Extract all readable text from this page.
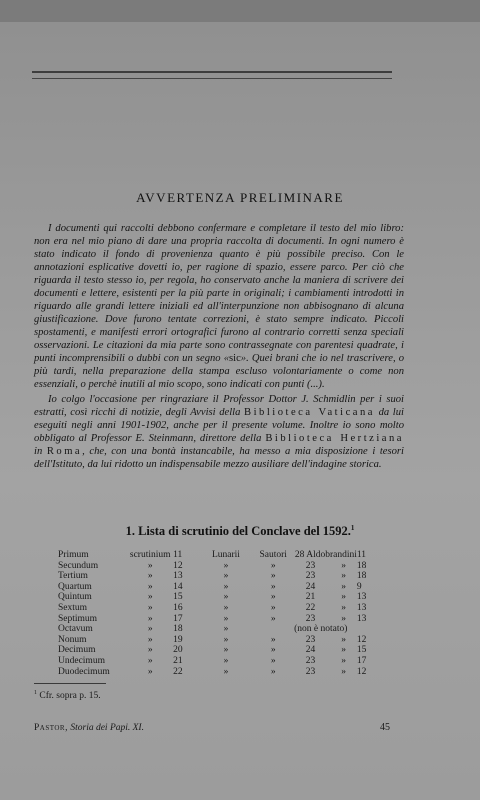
AVVERTENZA PRELIMINARE

I documenti qui raccolti debbono confermare e completare il testo del mio libro: non era nel mio piano di dare una propria raccolta di documenti. In ogni numero è stato indicato il fondo di provenienza quanto è più possibile preciso. Con le annotazioni esplicative dovetti io, per ragione di spazio, essere parco. Per ciò che riguarda il testo stesso io, per regola, ho conservato anche la maniera di scrivere dei documenti e lettere, esistenti per la più parte in originali; i cambiamenti introdotti in riguardo alle grandi lettere iniziali ed all'interpunzione non abbisognano di alcuna giustificazione. Dove furono tentate correzioni, è stato sempre indicato. Piccoli spostamenti, e manifesti errori ortografici furono al contrario corretti senza speciali osservazioni. Le citazioni da mia parte sono contrassegnate con parentesi quadrate, i punti incomprensibili o dubbi con un segno «sic». Quei brani che io nel trascrivere, o più tardi, nella preparazione della stampa escluso volontariamente o come non essenziali, o perchè inutili al mio scopo, sono indicati con punti (...).

Io colgo l'occasione per ringraziare il Professor Dottor J. Schmidlin per i suoi estratti, così ricchi di notizie, degli Avvisi della Biblioteca Vaticana da lui eseguiti negli anni 1901-1902, anche per il presente volume. Inoltre io sono molto obbligato al Professor E. Steinmann, direttore della Biblioteca Hertziana in Roma, che, con una bontà instancabile, ha messo a mia disposizione i tesori dell'Istituto, da lui ridotto un indispensabile mezzo ausiliare dell'indagine storica.

1. Lista di scrutinio del Conclave del 1592.$^1$
Primum	scrutinium	11	Lunarii	Sautori	28 Aldobrandini	11
Secundum	»	12	»	»	23 »	18
Tertium	»	13	»	»	23 »	18
Quartum	»	14	»	»	24 »	9
Quintum	»	15	»	»	21 »	13
Sextum	»	16	»	»	22 »	13
Septimum	»	17	»	»	23 »	13
Octavum	»	18	»	(non è notato)		
Nonum	»	19	»	»	23 »	12
Decimum	»	20	»	»	24 »	15
Undecimum	»	21	»	»	23 »	17
Duodecimum	»	22	»	»	23 »	12
$^1$ Cfr. sopra p. 15.
Pastor, Storia dei Papi. XI.	45
